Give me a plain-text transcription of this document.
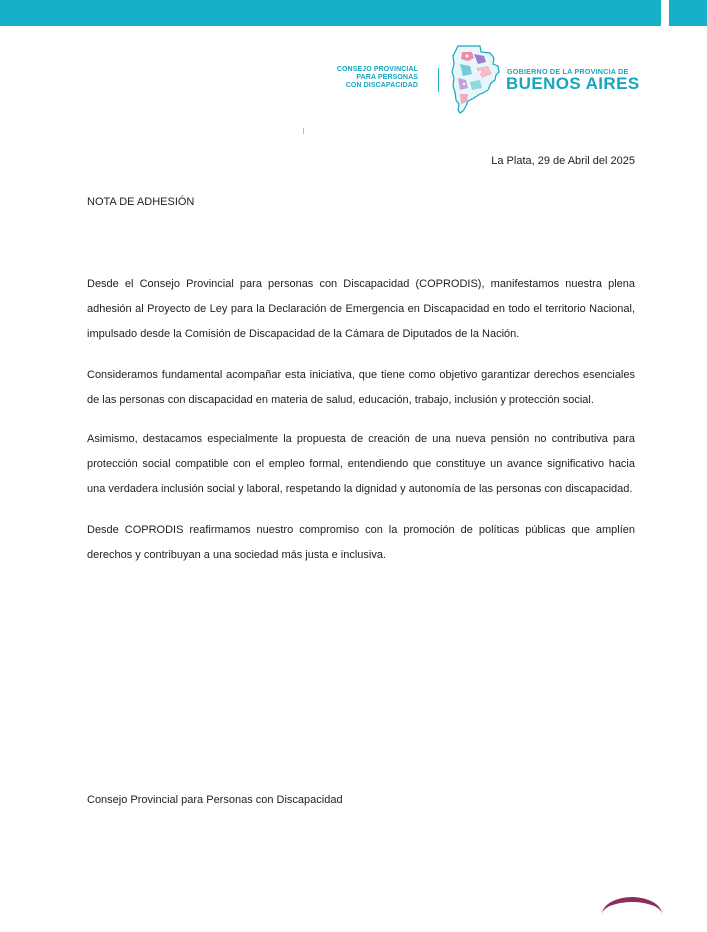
CONSEJO PROVINCIAL
PARA PERSONAS
CON DISCAPACIDAD
GOBIERNO DE LA PROVINCIA DE
BUENOS AIRES
La Plata, 29 de Abril del 2025
NOTA DE ADHESIÓN

Desde el Consejo Provincial para personas con Discapacidad (COPRODIS), manifestamos nuestra plena adhesión al Proyecto de Ley para la Declaración de Emergencia en Discapacidad en todo el territorio Nacional, impulsado desde la Comisión de Discapacidad de la Cámara de Diputados de la Nación.

Consideramos fundamental acompañar esta iniciativa, que tiene como objetivo garantizar derechos esenciales de las personas con discapacidad en materia de salud, educación, trabajo, inclusión y protección social.

Asimismo, destacamos especialmente la propuesta de creación de una nueva pensión no contributiva para protección social compatible con el empleo formal, entendiendo que constituye un avance significativo hacia una verdadera inclusión social y laboral, respetando la dignidad y autonomía de las personas con discapacidad.

Desde COPRODIS reafirmamos nuestro compromiso con la promoción de políticas públicas que amplíen derechos y contribuyan a una sociedad más justa e inclusiva.

Consejo Provincial para Personas con Discapacidad
